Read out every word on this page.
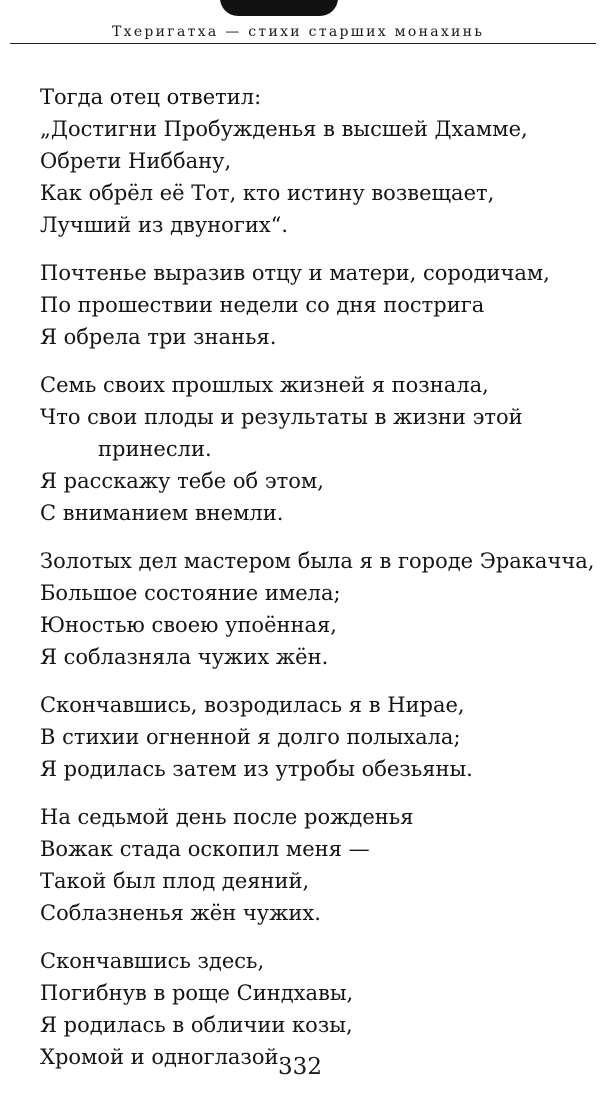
Тхеригатха — стихи старших монахинь
Тогда отец ответил:
„Достигни Пробужденья в высшей Дхамме,
Обрети Ниббану,
Как обрёл её Тот, кто истину возвещает,
Лучший из двуногих“.
Почтенье выразив отцу и матери, сородичам,
По прошествии недели со дня пострига
Я обрела три знанья.
Семь своих прошлых жизней я познала,
Что свои плоды и результаты в жизни этой
принесли.
Я расскажу тебе об этом,
С вниманием внемли.
Золотых дел мастером была я в городе Эракачча,
Большое состояние имела;
Юностью своею упоённая,
Я соблазняла чужих жён.
Скончавшись, возродилась я в Нирае,
В стихии огненной я долго полыхала;
Я родилась затем из утробы обезьяны.
На седьмой день после рожденья
Вожак стада оскопил меня —
Такой был плод деяний,
Соблазненья жён чужих.
Скончавшись здесь,
Погибнув в роще Синдхавы,
Я родилась в обличии козы,
Хромой и одноглазой.
332
